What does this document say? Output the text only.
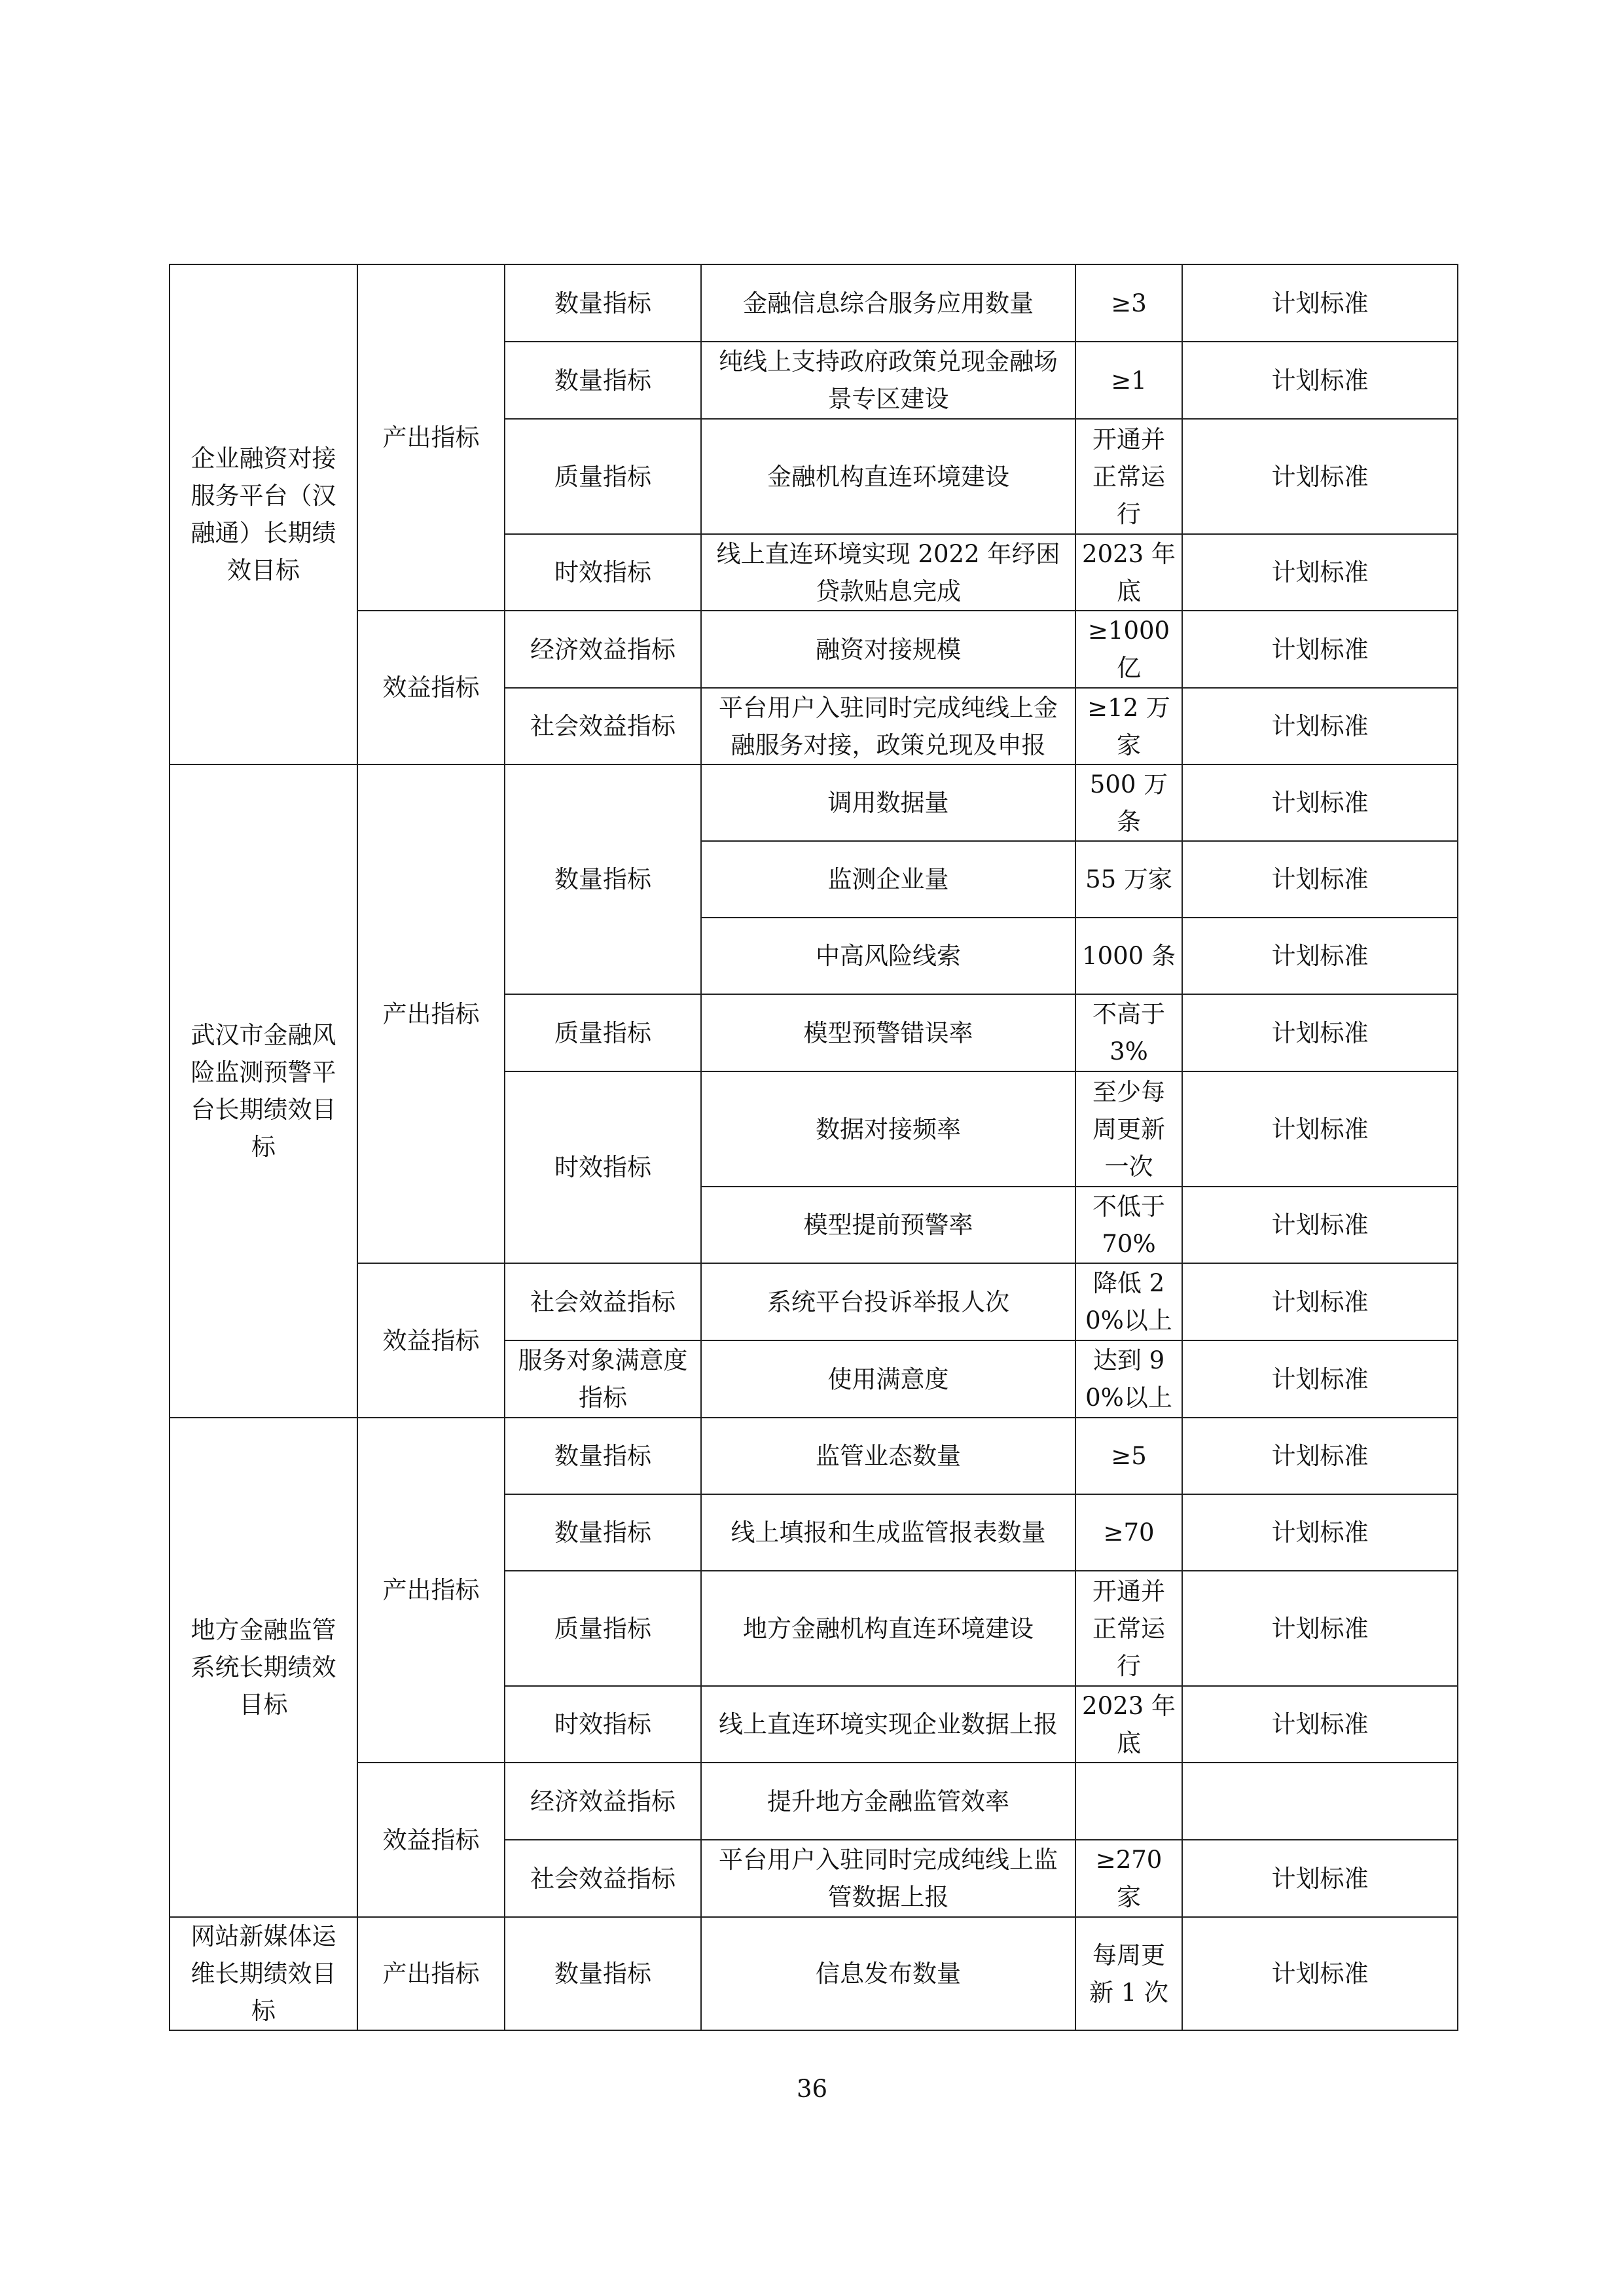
企业融资对接服务平台（汉融通）长期绩效目标	产出指标	数量指标	金融信息综合服务应用数量	≥3	计划标准
		数量指标	纯线上支持政府政策兑现金融场景专区建设	≥1	计划标准
		质量指标	金融机构直连环境建设	开通并正常运行	计划标准
		时效指标	线上直连环境实现 2022 年纾困贷款贴息完成	2023 年底	计划标准
	效益指标	经济效益指标	融资对接规模	≥1000 亿	计划标准
		社会效益指标	平台用户入驻同时完成纯线上金融服务对接，政策兑现及申报	≥12 万家	计划标准
武汉市金融风险监测预警平台长期绩效目标	产出指标	数量指标	调用数据量	500 万条	计划标准
			监测企业量	55 万家	计划标准
			中高风险线索	1000 条	计划标准
		质量指标	模型预警错误率	不高于 3%	计划标准
		时效指标	数据对接频率	至少每周更新一次	计划标准
			模型提前预警率	不低于 70%	计划标准
	效益指标	社会效益指标	系统平台投诉举报人次	降低 20%以上	计划标准
		服务对象满意度指标	使用满意度	达到 90%以上	计划标准
地方金融监管系统长期绩效目标	产出指标	数量指标	监管业态数量	≥5	计划标准
		数量指标	线上填报和生成监管报表数量	≥70	计划标准
		质量指标	地方金融机构直连环境建设	开通并正常运行	计划标准
		时效指标	线上直连环境实现企业数据上报	2023 年底	计划标准
	效益指标	经济效益指标	提升地方金融监管效率		
		社会效益指标	平台用户入驻同时完成纯线上监管数据上报	≥270 家	计划标准
网站新媒体运维长期绩效目标	产出指标	数量指标	信息发布数量	每周更新 1 次	计划标准
36
